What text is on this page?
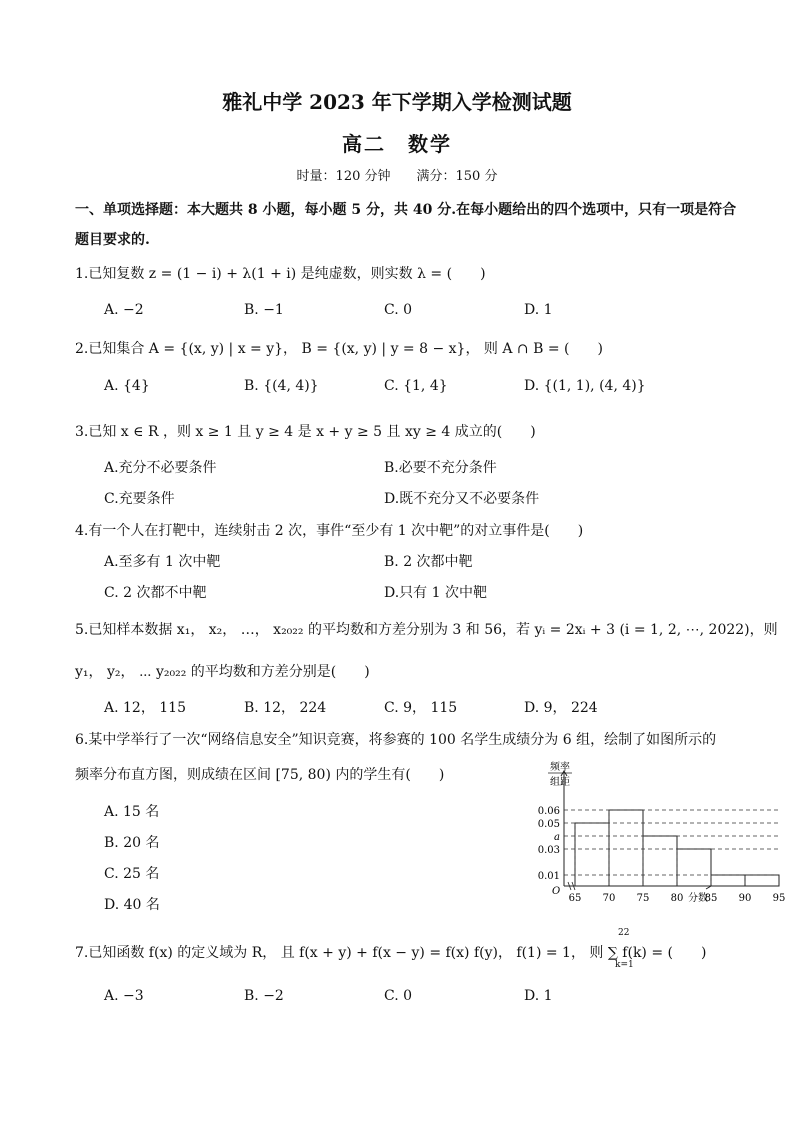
雅礼中学 2023 年下学期入学检测试题
高二　数学
时量：120 分钟　　满分：150 分
一、单项选择题：本大题共 8 小题，每小题 5 分，共 40 分.在每小题给出的四个选项中，只有一项是符合
题目要求的.
1.已知复数 z = (1 − i) + λ(1 + i) 是纯虚数，则实数 λ = (　　)
A. −2	B. −1	C. 0	D. 1
2.已知集合 A = {(x, y) | x = y}， B = {(x, y) | y = 8 − x}， 则 A ∩ B = (　　)
A. {4}	B. {(4, 4)}	C. {1, 4}	D. {(1, 1), (4, 4)}
3.已知 x ∈ R ，则 x ≥ 1 且 y ≥ 4 是 x + y ≥ 5 且 xy ≥ 4 成立的(　　)
A.充分不必要条件	B.必要不充分条件
C.充要条件	D.既不充分又不必要条件
4.有一个人在打靶中，连续射击 2 次，事件“至少有 1 次中靶”的对立事件是(　　)
A.至多有 1 次中靶	B. 2 次都中靶
C. 2 次都不中靶	D.只有 1 次中靶
5.已知样本数据 x₁， x₂， …， x₂₀₂₂ 的平均数和方差分别为 3 和 56，若 yᵢ = 2xᵢ + 3 (i = 1, 2, ⋯, 2022)，则
y₁， y₂， ⋯ y₂₀₂₂ 的平均数和方差分别是(　　)
A. 12， 115	B. 12， 224	C. 9， 115	D. 9， 224
6.某中学举行了一次“网络信息安全”知识竞赛，将参赛的 100 名学生成绩分为 6 组，绘制了如图所示的
频率分布直方图，则成绩在区间 [75, 80) 内的学生有(　　)
A. 15 名
B. 20 名
C. 25 名
D. 40 名
0.06
0.05
a
0.03
0.01
65 70 75 80 85 90 95
O
分数
频率
组距
7.已知函数 f(x) 的定义域为 R， 且 f(x + y) + f(x − y) = f(x) f(y)， f(1) = 1， 则 ∑ f(k) = (　　)
22
k=1
A. −3	B. −2	C. 0	D. 1
